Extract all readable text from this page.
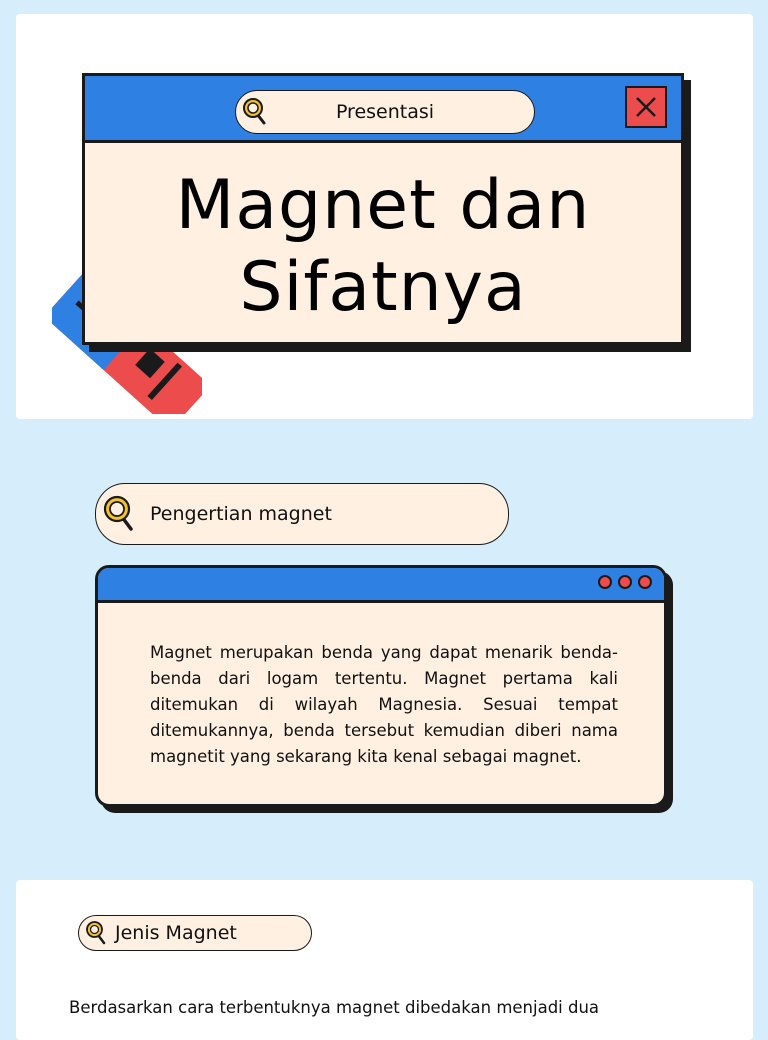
Presentasi
Magnet dan
Sifatnya
Pengertian magnet
Magnet merupakan benda yang dapat menarik benda-benda dari logam tertentu. Magnet pertama kali ditemukan di wilayah Magnesia. Sesuai tempat ditemukannya, benda tersebut kemudian diberi nama magnetit yang sekarang kita kenal sebagai magnet.
Jenis Magnet
Berdasarkan cara terbentuknya magnet dibedakan menjadi dua
